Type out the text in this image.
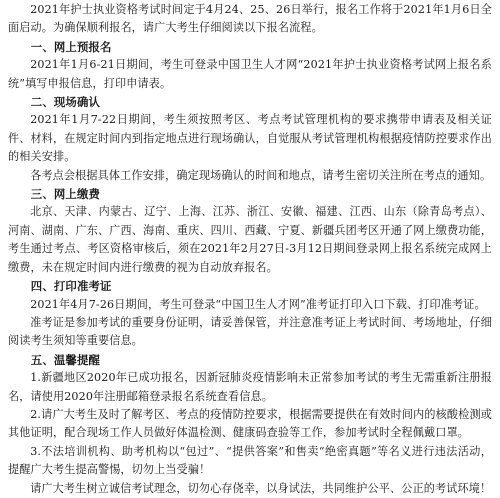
2021年护士执业资格考试时间定于4月24、25、26日举行，报名工作将于2021年1月6日全面启动。为确保顺利报名，请广大考生仔细阅读以下报名流程。

一、网上预报名

2021年1月6-21日期间，考生可登录中国卫生人才网“2021年护士执业资格考试网上报名系统”填写申报信息，打印申请表。

二、现场确认

2021年1月7-22日期间，考生须按照考区、考点考试管理机构的要求携带申请表及相关证件、材料，在规定时间内到指定地点进行现场确认，自觉服从考试管理机构根据疫情防控要求作出的相关安排。

各考点会根据具体工作安排，确定现场确认的时间和地点，请考生密切关注所在考点的通知。

三、网上缴费

北京、天津、内蒙古、辽宁、上海、江苏、浙江、安徽、福建、江西、山东（除青岛考点）、河南、湖南、广东、广西、海南、重庆、四川、西藏、宁夏、新疆兵团考区开通了网上缴费功能，考生通过考点、考区资格审核后，须在2021年2月27日-3月12日期间登录网上报名系统完成网上缴费，未在规定时间内进行缴费的视为自动放弃报名。

四、打印准考证

2021年4月7-26日期间，考生可登录“中国卫生人才网”准考证打印入口下载、打印准考证。

准考证是参加考试的重要身份证明，请妥善保管，并注意准考证上考试时间、考场地址，仔细阅读考生须知等重要信息。

五、温馨提醒

1.新疆地区2020年已成功报名，因新冠肺炎疫情影响未正常参加考试的考生无需重新注册报名，请使用2020年注册邮箱登录报名系统查看信息。

2.请广大考生及时了解考区、考点的疫情防控要求，根据需要提供在有效时间内的核酸检测或其他证明，配合现场工作人员做好体温检测、健康码查验等工作，参加考试时全程佩戴口罩。

3.不法培训机构、助考机构以“包过”、“提供答案”和售卖“绝密真题”等名义进行违法活动，提醒广大考生提高警惕，切勿上当受骗！

请广大考生树立诚信考试理念，切勿心存侥幸，以身试法，共同维护公平、公正的考试环境！
